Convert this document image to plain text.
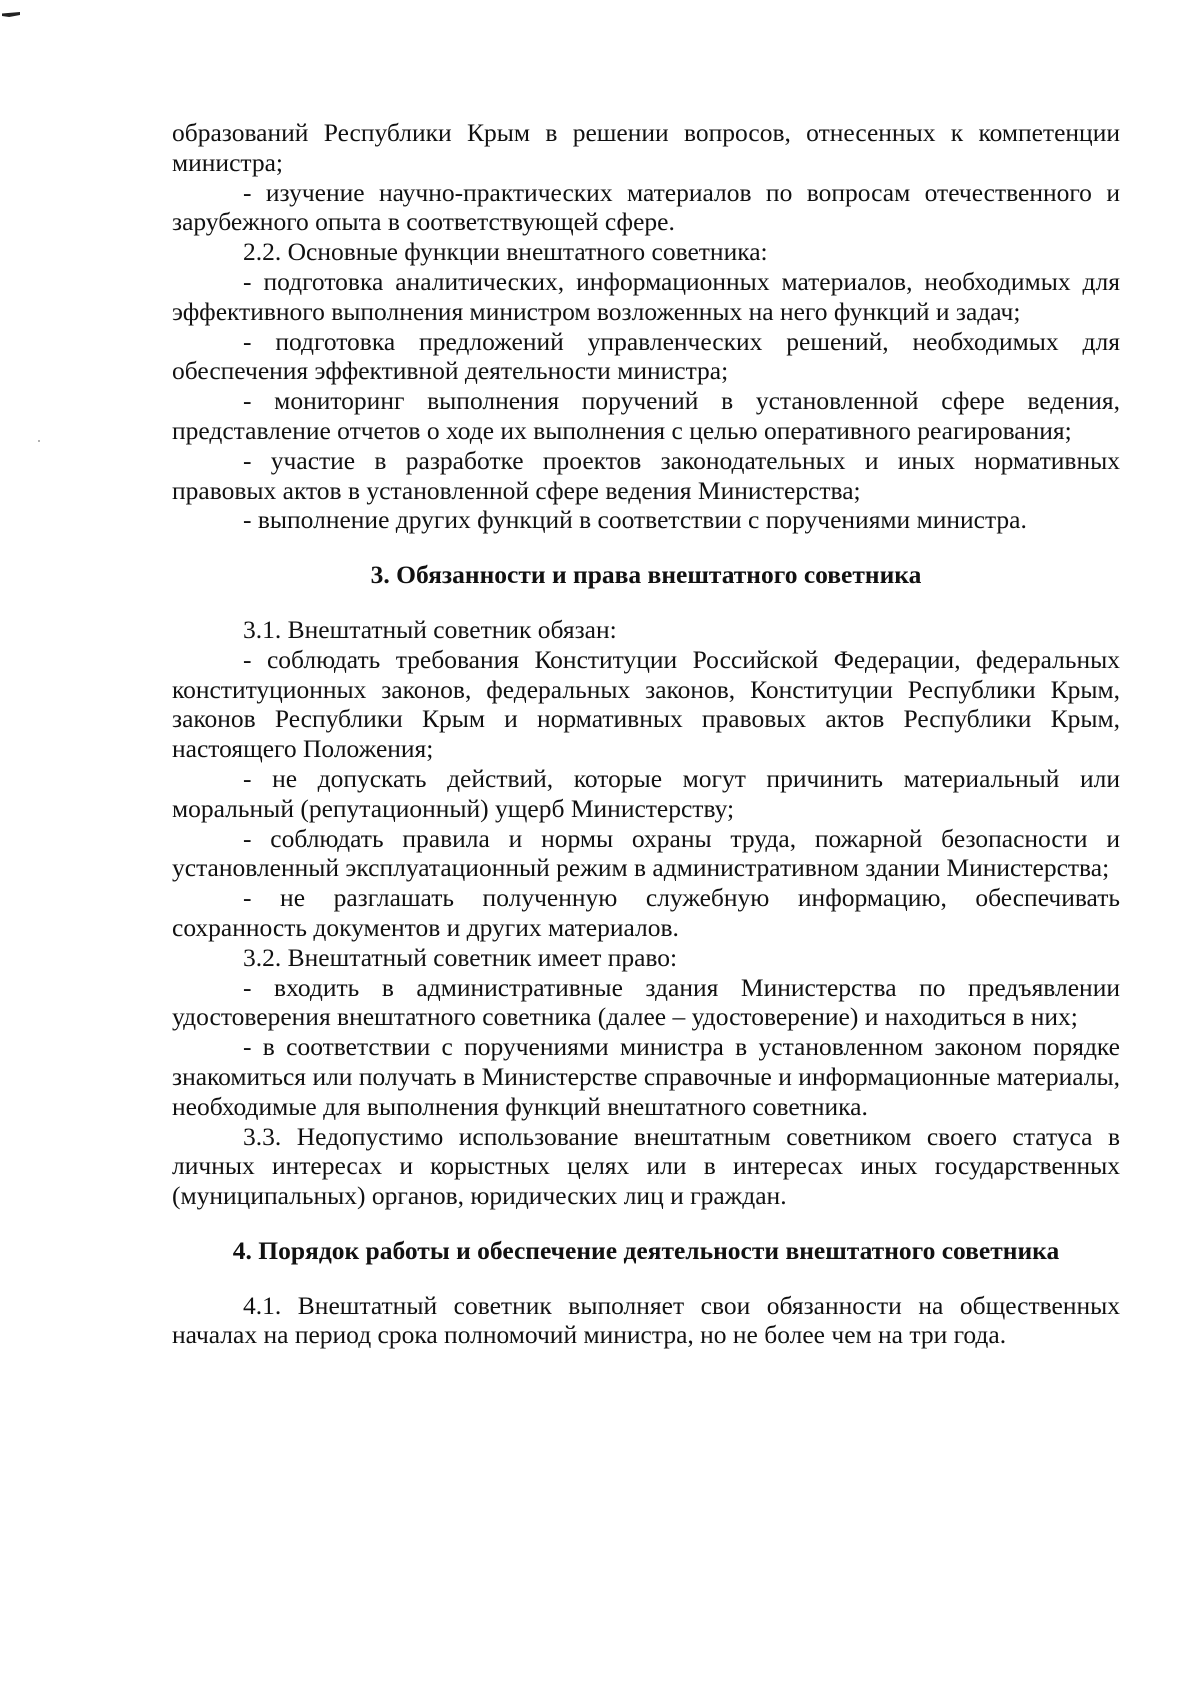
образований Республики Крым в решении вопросов, отнесенных к компетенции министра;

- изучение научно-практических материалов по вопросам отечественного и зарубежного опыта в соответствующей сфере.

2.2. Основные функции внештатного советника:

- подготовка аналитических, информационных материалов, необходимых для эффективного выполнения министром возложенных на него функций и задач;

- подготовка предложений управленческих решений, необходимых для обеспечения эффективной деятельности министра;

- мониторинг выполнения поручений в установленной сфере ведения, представление отчетов о ходе их выполнения с целью оперативного реагирования;

- участие в разработке проектов законодательных и иных нормативных правовых актов в установленной сфере ведения Министерства;

- выполнение других функций в соответствии с поручениями министра.

3. Обязанности и права внештатного советника

3.1. Внештатный советник обязан:

- соблюдать требования Конституции Российской Федерации, федеральных конституционных законов, федеральных законов, Конституции Республики Крым, законов Республики Крым и нормативных правовых актов Республики Крым, настоящего Положения;

- не допускать действий, которые могут причинить материальный или моральный (репутационный) ущерб Министерству;

- соблюдать правила и нормы охраны труда, пожарной безопасности и установленный эксплуатационный режим в административном здании Министерства;

- не разглашать полученную служебную информацию, обеспечивать сохранность документов и других материалов.

3.2. Внештатный советник имеет право:

- входить в административные здания Министерства по предъявлении удостоверения внештатного советника (далее – удостоверение) и находиться в них;

- в соответствии с поручениями министра в установленном законом порядке знакомиться или получать в Министерстве справочные и информационные материалы, необходимые для выполнения функций внештатного советника.

3.3. Недопустимо использование внештатным советником своего статуса в личных интересах и корыстных целях или в интересах иных государственных (муниципальных) органов, юридических лиц и граждан.

4. Порядок работы и обеспечение деятельности внештатного советника

4.1. Внештатный советник выполняет свои обязанности на общественных началах на период срока полномочий министра, но не более чем на три года.
